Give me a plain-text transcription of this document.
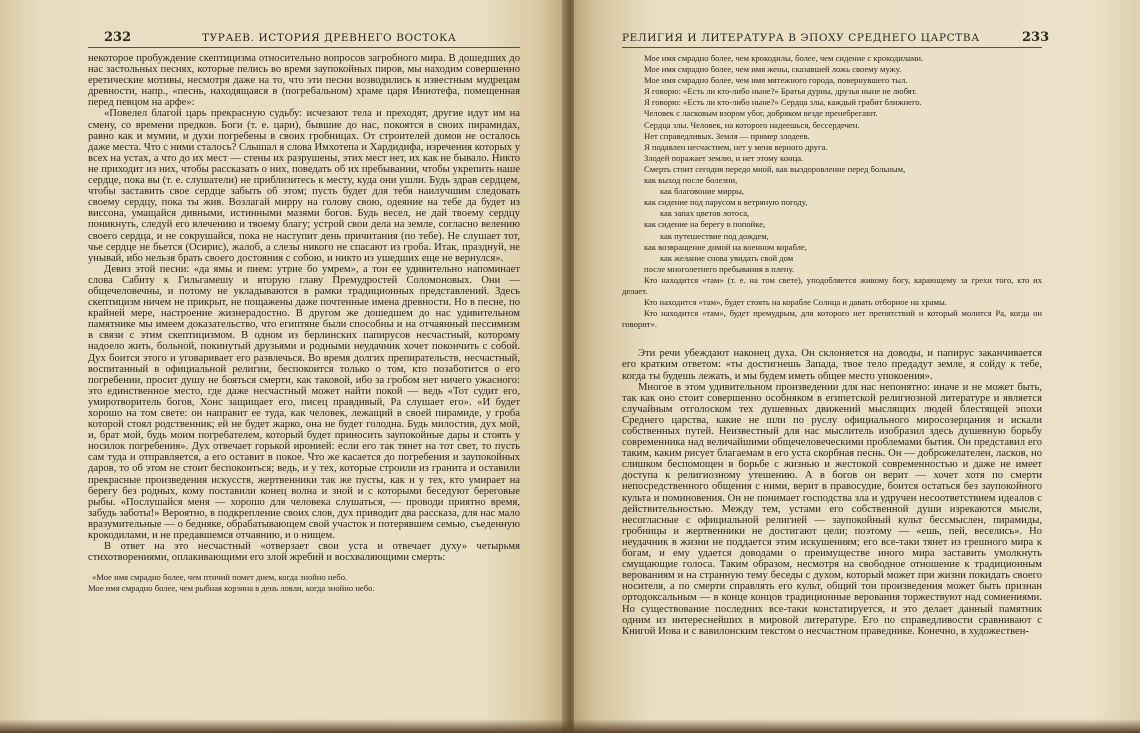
232	ТУРАЕВ. ИСТОРИЯ ДРЕВНЕГО ВОСТОКА

некоторое пробуждение скептицизма относительно вопросов загробного мира. В дошедших до нас застольных песнях, которые пелись во время заупокойных пиров, мы находим совершенно еретические мотивы, несмотря даже на то, что эти песни возводились к известным мудрецам древности, напр., «песнь, находящаяся в (погребальном) храме царя Иниотефа, помещенная перед певцом на арфе»:

«Повелел благой царь прекрасную судьбу: исчезают тела и преходят, другие идут им на смену, со времени предков. Боги (т. е. цари), бывшие до нас, покоятся в своих пирамидах, равно как и мумии, и духи погребены в своих гробницах. От строителей домов не осталось даже места. Что с ними сталось? Слышал я слова Имхотепа и Хардидифа, изречения которых у всех на устах, а что до их мест — стены их разрушены, этих мест нет, их как не бывало. Никто не приходит из них, чтобы рассказать о них, поведать об их пребывании, чтобы укрепить наше сердце, пока вы (т. е. слушатели) не приблизитесь к месту, куда они ушли. Будь здрав сердцем, чтобы заставить свое сердце забыть об этом; пусть будет для тебя наилучшим следовать своему сердцу, пока ты жив. Возлагай мирру на голову свою, одеяние на тебе да будет из виссона, умащайся дивными, истинными мазями богов. Будь весел, не дай твоему сердцу поникнуть, следуй его влечению и твоему благу; устрой свои дела на земле, согласно велению своего сердца, и не сокрушайся, пока не наступит день причитания (по тебе). Не слушает тот, чье сердце не бьется (Осирис), жалоб, а слезы никого не спасают из гроба. Итак, празднуй, не унывай, ибо нельзя брать своего достояния с собою, и никто из ушедших еще не вернулся».

Девиз этой песни: «да ямы и пием: утрие бо умрем», а тон ее удивительно напоминает слова Сабиту к Гильгамешу и вторую главу Премудростей Соломоновых. Они — общечеловечны, и потому не укладываются в рамки традиционных представлений. Здесь скептицизм ничем не прикрыт, не пощажены даже почтенные имена древности. Но в песне, по крайней мере, настроение жизнерадостно. В другом же дошедшем до нас удивительном памятнике мы имеем доказательство, что египтяне были способны и на отчаянный пессимизм в связи с этим скептицизмом. В одном из берлинских папирусов несчастный, которому надоело жить, больной, покинутый друзьями и родными неудачник хочет покончить с собой. Дух боится этого и уговаривает его развлечься. Во время долгих препирательств, несчастный, воспитанный в официальной религии, беспокоится только о том, кто позаботится о его погребении, просит душу не бояться смерти, как таковой, ибо за гробом нет ничего ужасного: это единственное место, где даже несчастный может найти покой — ведь «Тот судит его, умиротворитель богов, Хонс защищает его, писец правдивый, Ра слушает его». «И будет хорошо на том свете: он направит ее туда, как человек, лежащий в своей пирамиде, у гроба которой стоял родственник; ей не будет жарко, она не будет голодна. Будь милостив, дух мой, и, брат мой, будь моим погребателем, который будет приносить заупокойные дары и стоять у носилок погребения». Дух отвечает горькой иронией: если его так тянет на тот свет, то пусть сам туда и отправляется, а его оставит в покое. Что же касается до погребения и заупокойных даров, то об этом не стоит беспокоиться; ведь, и у тех, которые строили из гранита и оставили прекрасные произведения искусств, жертвенники так же пусты, как и у тех, кто умирает на берегу без родных, кому поставили конец волна и зной и с которыми беседуют береговые рыбы. «Послушайся меня — хорошо для человека слушаться, — проводи приятно время, забудь заботы!» Вероятно, в подкрепление своих слов, дух приводит два рассказа, для нас мало вразумительные — о бедняке, обрабатывающем свой участок и потерявшем семью, съеденную крокодилами, и не предавшемся отчаянию, и о нищем.

В ответ на это несчастный «отверзает свои уста и отвечает духу» четырьмя стихотворениями, оплакивающими его злой жребий и восхваляющими смерть:

«Мое имя смрадно более, чем птичий помет днем, когда знойно небо.

Мое имя смрадно более, чем рыбная корзина в день ловли, когда знойно небо.

РЕЛИГИЯ И ЛИТЕРАТУРА В ЭПОХУ СРЕДНЕГО ЦАРСТВА	233

Мое имя смрадно более, чем крокодилы, более, чем сидение с крокодилами.

Мое имя смрадно более, чем имя жены, сказавшей ложь своему мужу.

Мое имя смрадно более, чем имя мятежного города, повернувшего тыл.

Я говорю: «Есть ли кто-либо ныне?» Братья дурны, друзья ныне не любят.

Я говорю: «Есть ли кто-либо ныне?» Сердца злы, каждый грабит ближнего.

Человек с ласковым взором убог, добряком везде пренебрегают.

Сердца злы. Человек, на которого надеешься, бессердечен.

Нет справедливых. Земля — пример злодеев.

Я подавлен несчастием, нет у меня верного друга.

Злодей поражает землю, и нет этому конца.

Смерть стоит сегодня передо мной, как выздоровление перед больным,

как выход после болезни,

как благовоние мирры,

как сидение под парусом в ветряную погоду,

как запах цветов лотоса,

как сидение на берегу в попойке,

как путешествие под дождем,

как возвращение домой на военном корабле,

как желание снова увидать свой дом

после многолетнего пребывания в плену.

Кто находится «там» (т. е. на том свете), уподобляется живому богу, карающему за грехи того, кто их делает.

Кто находится «там», будет стоять на корабле Солнца и давать отборное на храмы.

Кто находится «там», будет премудрым, для которого нет препятствий и который молится Ра, когда он говорит».

Эти речи убеждают наконец духа. Он склоняется на доводы, и папирус заканчивается его кратким ответом: «ты достигнешь Запада, твое тело предадут земле, я сойду к тебе, когда ты будешь лежать, и мы будем иметь общее место упокоения».

Многое в этом удивительном произведении для нас непонятно: иначе и не может быть, так как оно стоит совершенно особняком в египетской религиозной литературе и является случайным отголоском тех душевных движений мыслящих людей блестящей эпохи Среднего царства, какие не шли по руслу официального миросозерцания и искали собственных путей. Неизвестный для нас мыслитель изобразил здесь душевную борьбу современника над величайшими общечеловеческими проблемами бытия. Он представил его таким, каким рисует благаемам в его уста скорбная песнь. Он — доброжелателен, ласков, но слишком беспомощен в борьбе с жизнью и жестокой современностью и даже не имеет доступа к религиозному утешению. А в богов он верит — хочет хотя по смерти непосредственного общения с ними, верит в правосудие, боится остаться без заупокойного культа и поминовения. Он не понимает господства зла и удручен несоответствием идеалов с действительностью. Между тем, устами его собственной души изрекаются мысли, несогласные с официальной религией — заупокойный культ бессмыслен, пирамиды, гробницы и жертвенники не достигают цели; поэтому — «ешь, пей, веселись». Но неудачник в жизни не поддается этим искушениям; его все-таки тянет из грешного мира к богам, и ему удается доводами о преимуществе иного мира заставить умолкнуть смущающие голоса. Таким образом, несмотря на свободное отношение к традиционным верованиям и на странную тему беседы с духом, который может при жизни покидать своего носителя, а по смерти справлять его культ, общий тон произведения может быть признан ортодоксальным — в конце концов традиционные верования торжествуют над сомнениями. Но существование последних все-таки констатируется, и это делает данный памятник одним из интереснейших в мировой литературе. Его по справедливости сравнивают с Книгой Иова и с вавилонским текстом о несчастном праведнике. Конечно, в художествен-
